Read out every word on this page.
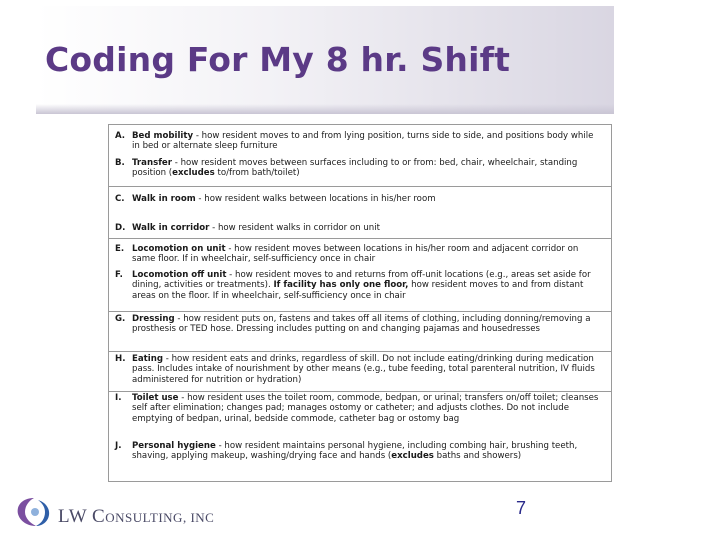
Coding For My 8 hr. Shift
A. Bed mobility - how resident moves to and from lying position, turns side to side, and positions body while in bed or alternate sleep furniture
B. Transfer - how resident moves between surfaces including to or from: bed, chair, wheelchair, standing position (excludes to/from bath/toilet)
C. Walk in room - how resident walks between locations in his/her room
D. Walk in corridor - how resident walks in corridor on unit
E. Locomotion on unit - how resident moves between locations in his/her room and adjacent corridor on same floor. If in wheelchair, self-sufficiency once in chair
F. Locomotion off unit - how resident moves to and returns from off-unit locations (e.g., areas set aside for dining, activities or treatments). If facility has only one floor, how resident moves to and from distant areas on the floor. If in wheelchair, self-sufficiency once in chair
G. Dressing - how resident puts on, fastens and takes off all items of clothing, including donning/removing a prosthesis or TED hose. Dressing includes putting on and changing pajamas and housedresses
H. Eating - how resident eats and drinks, regardless of skill. Do not include eating/drinking during medication pass. Includes intake of nourishment by other means (e.g., tube feeding, total parenteral nutrition, IV fluids administered for nutrition or hydration)
I. Toilet use - how resident uses the toilet room, commode, bedpan, or urinal; transfers on/off toilet; cleanses self after elimination; changes pad; manages ostomy or catheter; and adjusts clothes. Do not include emptying of bedpan, urinal, bedside commode, catheter bag or ostomy bag
J. Personal hygiene - how resident maintains personal hygiene, including combing hair, brushing teeth, shaving, applying makeup, washing/drying face and hands (excludes baths and showers)
LW CONSULTING, INC	7
